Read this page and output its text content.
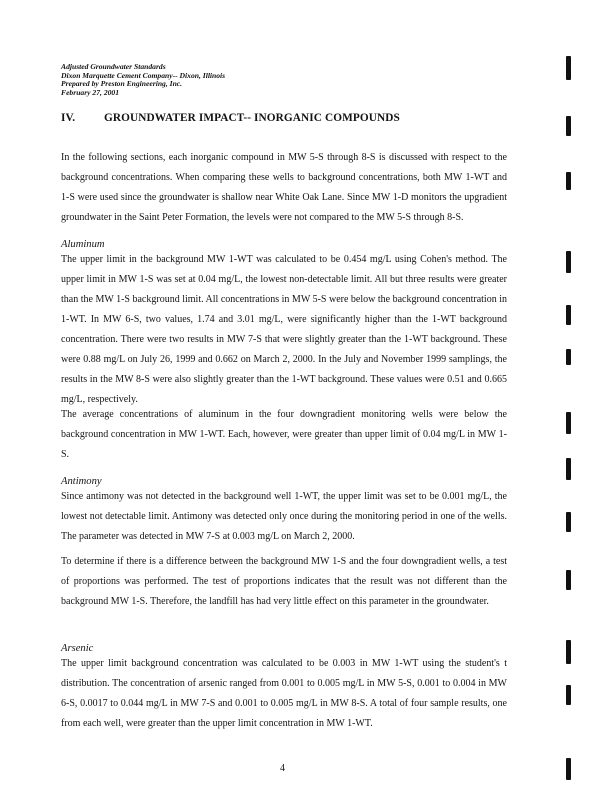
Adjusted Groundwater Standards
Dixon Marquette Cement Company-- Dixon, Illinois
Prepared by Preston Engineering, Inc.
February 27, 2001
IV.	GROUNDWATER IMPACT-- INORGANIC COMPOUNDS
In the following sections, each inorganic compound in MW 5-S through 8-S is discussed with respect to the background concentrations. When comparing these wells to background concentrations, both MW 1-WT and 1-S were used since the groundwater is shallow near White Oak Lane. Since MW 1-D monitors the upgradient groundwater in the Saint Peter Formation, the levels were not compared to the MW 5-S through 8-S.
Aluminum
The upper limit in the background MW 1-WT was calculated to be 0.454 mg/L using Cohen's method. The upper limit in MW 1-S was set at 0.04 mg/L, the lowest non-detectable limit. All but three results were greater than the MW 1-S background limit. All concentrations in MW 5-S were below the background concentration in 1-WT. In MW 6-S, two values, 1.74 and 3.01 mg/L, were significantly higher than the 1-WT background concentration. There were two results in MW 7-S that were slightly greater than the 1-WT background. These were 0.88 mg/L on July 26, 1999 and 0.662 on March 2, 2000. In the July and November 1999 samplings, the results in the MW 8-S were also slightly greater than the 1-WT background. These values were 0.51 and 0.665 mg/L, respectively.
The average concentrations of aluminum in the four downgradient monitoring wells were below the background concentration in MW 1-WT. Each, however, were greater than upper limit of 0.04 mg/L in MW 1-S.
Antimony
Since antimony was not detected in the background well 1-WT, the upper limit was set to be 0.001 mg/L, the lowest not detectable limit. Antimony was detected only once during the monitoring period in one of the wells. The parameter was detected in MW 7-S at 0.003 mg/L on March 2, 2000.
To determine if there is a difference between the background MW 1-S and the four downgradient wells, a test of proportions was performed. The test of proportions indicates that the result was not different than the background MW 1-S. Therefore, the landfill has had very little effect on this parameter in the groundwater.
Arsenic
The upper limit background concentration was calculated to be 0.003 in MW 1-WT using the student's t distribution. The concentration of arsenic ranged from 0.001 to 0.005 mg/L in MW 5-S, 0.001 to 0.004 in MW 6-S, 0.0017 to 0.044 mg/L in MW 7-S and 0.001 to 0.005 mg/L in MW 8-S. A total of four sample results, one from each well, were greater than the upper limit concentration in MW 1-WT.
4
